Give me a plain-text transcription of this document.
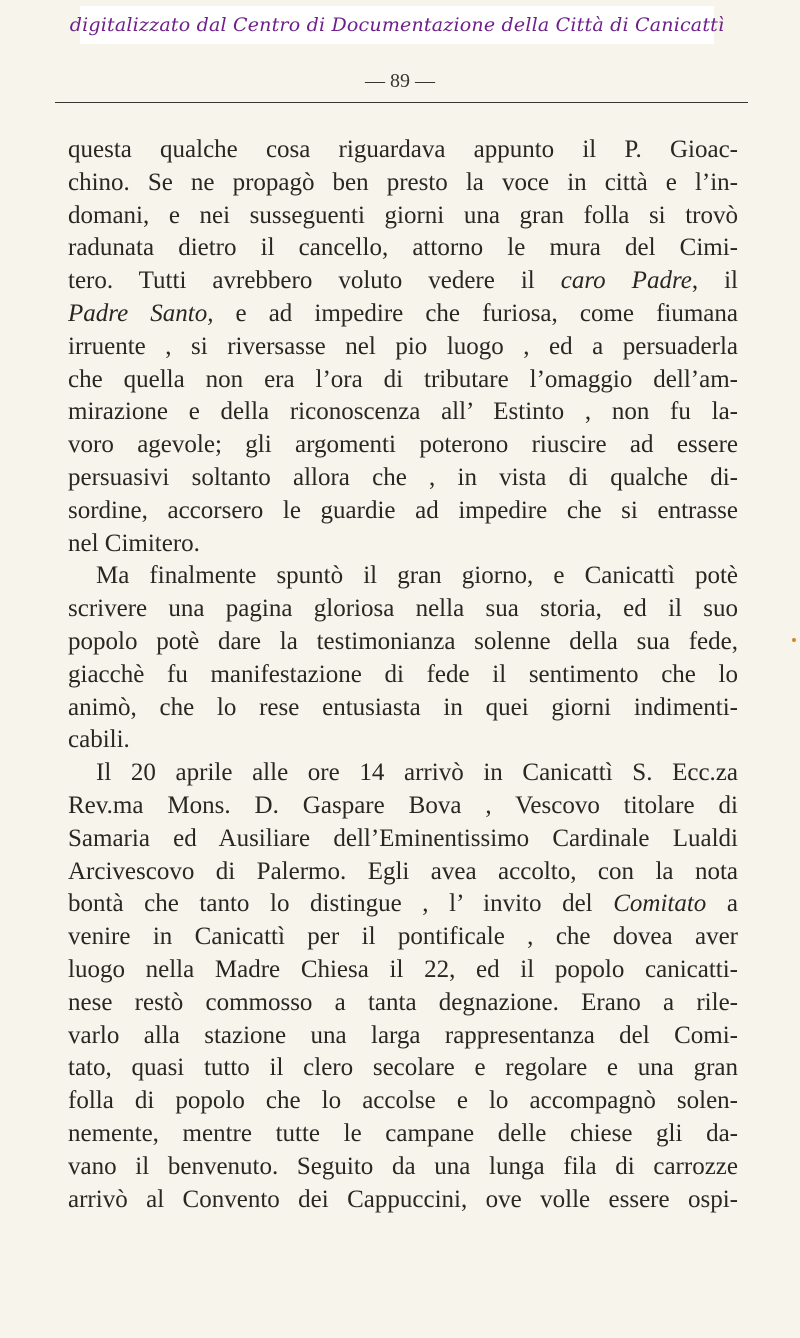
digitalizzato dal Centro di Documentazione della Città di Canicattì
— 89 —
questa qualche cosa riguardava appunto il P. Gioac-
chino. Se ne propagò ben presto la voce in città e l’in-
domani, e nei susseguenti giorni una gran folla si trovò
radunata dietro il cancello, attorno le mura del Cimi-
tero. Tutti avrebbero voluto vedere il caro Padre, il
Padre Santo, e ad impedire che furiosa, come fiumana
irruente , si riversasse nel pio luogo , ed a persuaderla
che quella non era l’ora di tributare l’omaggio dell’am-
mirazione e della riconoscenza all’ Estinto , non fu la-
voro agevole; gli argomenti poterono riuscire ad essere
persuasivi soltanto allora che , in vista di qualche di-
sordine, accorsero le guardie ad impedire che si entrasse
nel Cimitero.
Ma finalmente spuntò il gran giorno, e Canicattì potè
scrivere una pagina gloriosa nella sua storia, ed il suo
popolo potè dare la testimonianza solenne della sua fede,
giacchè fu manifestazione di fede il sentimento che lo
animò, che lo rese entusiasta in quei giorni indimenti-
cabili.
Il 20 aprile alle ore 14 arrivò in Canicattì S. Ecc.za
Rev.ma Mons. D. Gaspare Bova , Vescovo titolare di
Samaria ed Ausiliare dell’Eminentissimo Cardinale Lualdi
Arcivescovo di Palermo. Egli avea accolto, con la nota
bontà che tanto lo distingue , l’ invito del Comitato a
venire in Canicattì per il pontificale , che dovea aver
luogo nella Madre Chiesa il 22, ed il popolo canicatti-
nese restò commosso a tanta degnazione. Erano a rile-
varlo alla stazione una larga rappresentanza del Comi-
tato, quasi tutto il clero secolare e regolare e una gran
folla di popolo che lo accolse e lo accompagnò solen-
nemente, mentre tutte le campane delle chiese gli da-
vano il benvenuto. Seguito da una lunga fila di carrozze
arrivò al Convento dei Cappuccini, ove volle essere ospi-
